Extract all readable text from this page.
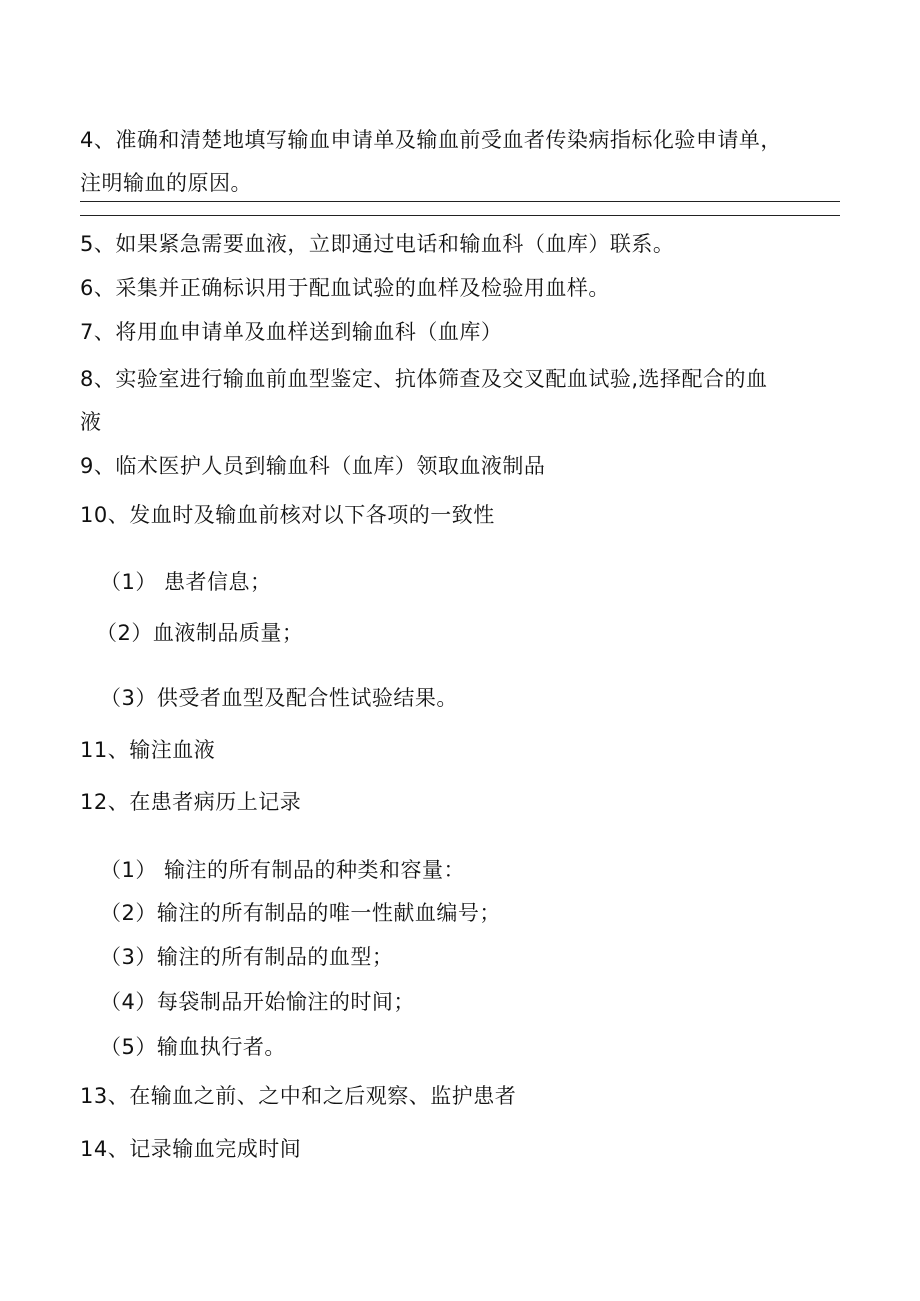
4、准确和清楚地填写输血申请单及输血前受血者传染病指标化验申请单，
注明输血的原因。
5、如果紧急需要血液，立即通过电话和输血科（血库）联系。
6、采集并正确标识用于配血试验的血样及检验用血样。
7、将用血申请单及血样送到输血科（血库）
8、实验室进行输血前血型鉴定、抗体筛查及交叉配血试验,选择配合的血
液
9、临术医护人员到输血科（血库）领取血液制品
10、发血时及输血前核对以下各项的一致性
（1） 患者信息；
（2）血液制品质量；
（3）供受者血型及配合性试验结果。
11、输注血液
12、在患者病历上记录
（1） 输注的所有制品的种类和容量：
（2）输注的所有制品的唯一性献血编号；
（3）输注的所有制品的血型；
（4）每袋制品开始愉注的时间；
（5）输血执行者。
13、在输血之前、之中和之后观察、监护患者
14、记录输血完成时间
